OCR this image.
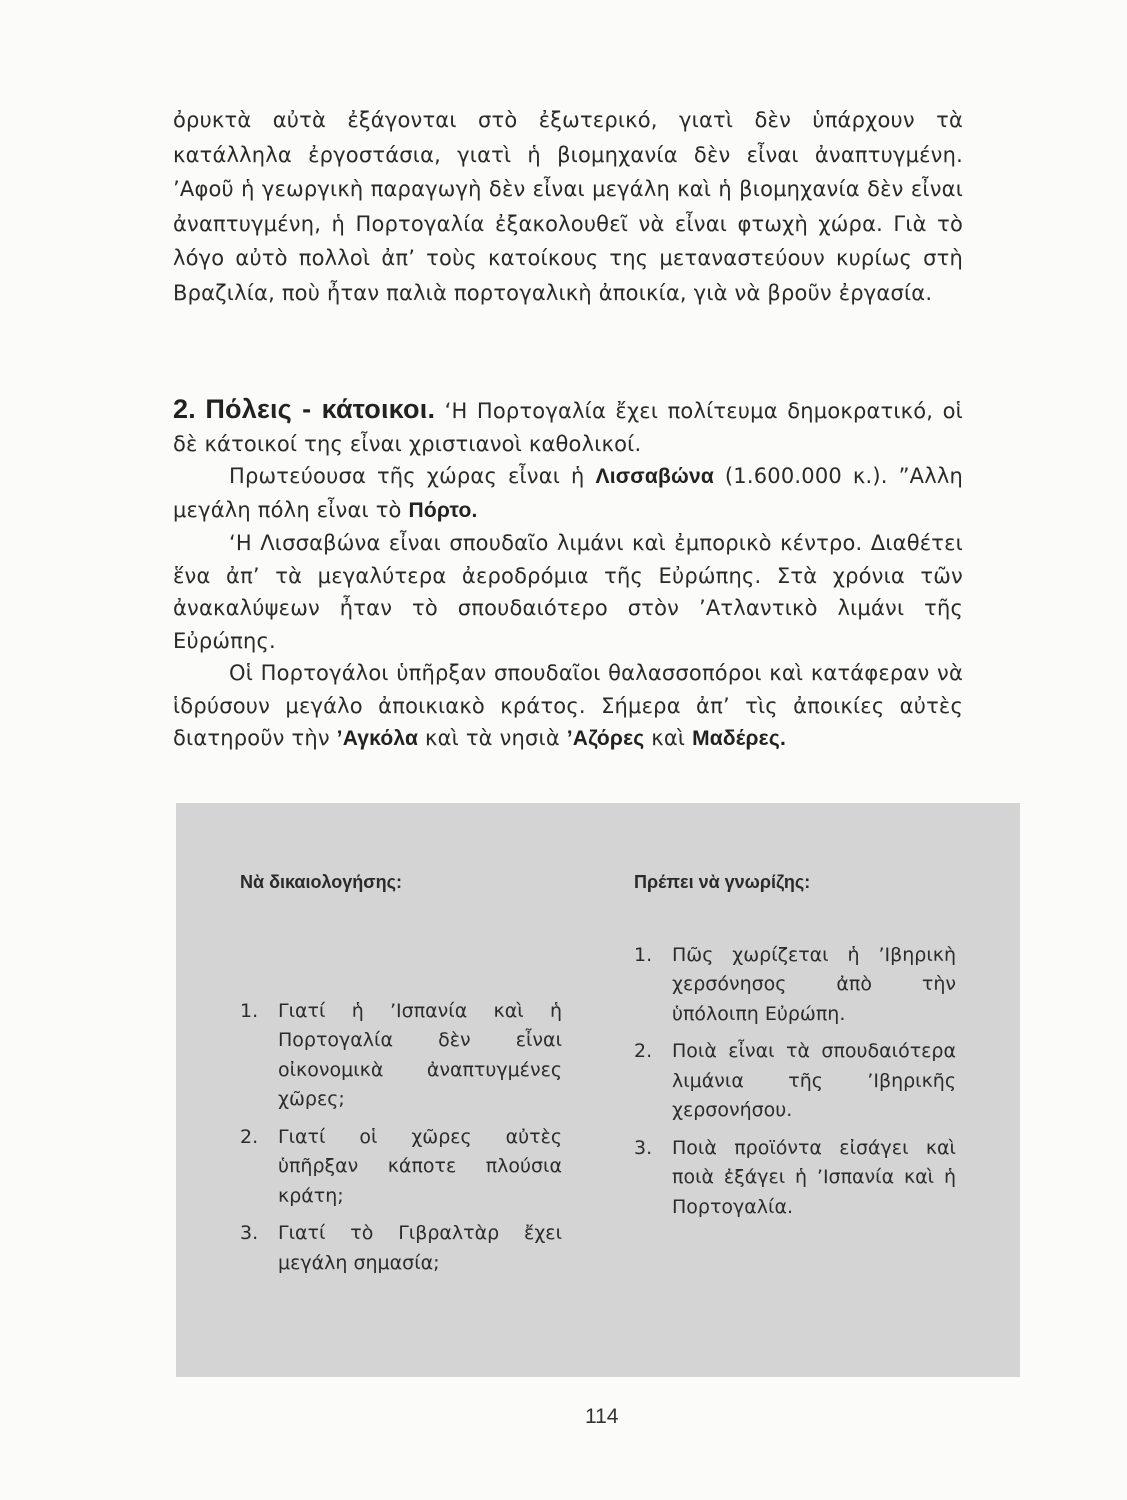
ὀρυκτὰ αὐτὰ ἐξάγονται στὸ ἐξωτερικό, γιατὶ δὲν ὑπάρχουν τὰ κατάλληλα ἐργοστάσια, γιατὶ ἡ βιομηχανία δὲν εἶναι ἀναπτυγμένη. ’Αφοῦ ἡ γεωργικὴ παραγωγὴ δὲν εἶναι μεγάλη καὶ ἡ βιομηχανία δὲν εἶναι ἀναπτυγμένη, ἡ Πορτογαλία ἐξακολουθεῖ νὰ εἶναι φτωχὴ χώρα. Γιὰ τὸ λόγο αὐτὸ πολλοὶ ἀπ’ τοὺς κατοίκους της μεταναστεύουν κυρίως στὴ Βραζιλία, ποὺ ἦταν παλιὰ πορτογαλικὴ ἀποικία, γιὰ νὰ βροῦν ἐργασία.

2. Πόλεις - κάτοικοι. ‘Η Πορτογαλία ἔχει πολίτευμα δημοκρατικό, οἱ δὲ κάτοικοί της εἶναι χριστιανοὶ καθολικοί.

Πρωτεύουσα τῆς χώρας εἶναι ἡ Λισσαβώνα (1.600.000 κ.). ”Αλλη μεγάλη πόλη εἶναι τὸ Πόρτο.

‘Η Λισσαβώνα εἶναι σπουδαῖο λιμάνι καὶ ἐμπορικὸ κέντρο. Διαθέτει ἕνα ἀπ’ τὰ μεγαλύτερα ἀεροδρόμια τῆς Εὐρώπης. Στὰ χρόνια τῶν ἀνακαλύψεων ἦταν τὸ σπουδαιότερο στὸν ’Ατλαντικὸ λιμάνι τῆς Εὐρώπης.

Οἱ Πορτογάλοι ὑπῆρξαν σπουδαῖοι θαλασσοπόροι καὶ κατάφεραν νὰ ἱδρύσουν μεγάλο ἀποικιακὸ κράτος. Σήμερα ἀπ’ τὶς ἀποικίες αὐτὲς διατηροῦν τὴν ’Αγκόλα καὶ τὰ νησιὰ ’Αζόρες καὶ Μαδέρες.

Νὰ δικαιολογήσης:

1.	Γιατί ἡ ’Ισπανία καὶ ἡ Πορτογαλία δὲν εἶναι οἰκονομικὰ ἀναπτυγμένες χῶρες;
2.	Γιατί οἱ χῶρες αὐτὲς ὑπῆρξαν κάποτε πλούσια κράτη;
3.	Γιατί τὸ Γιβραλτὰρ ἔχει μεγάλη σημασία;

Πρέπει νὰ γνωρίζης:

1.	Πῶς χωρίζεται ἡ ’Ιβηρικὴ χερσόνησος ἀπὸ τὴν ὑπόλοιπη Εὐρώπη.
2.	Ποιὰ εἶναι τὰ σπουδαιότερα λιμάνια τῆς ’Ιβηρικῆς χερσονήσου.
3.	Ποιὰ προϊόντα εἰσάγει καὶ ποιὰ ἐξάγει ἡ ’Ισπανία καὶ ἡ Πορτογαλία.
114
